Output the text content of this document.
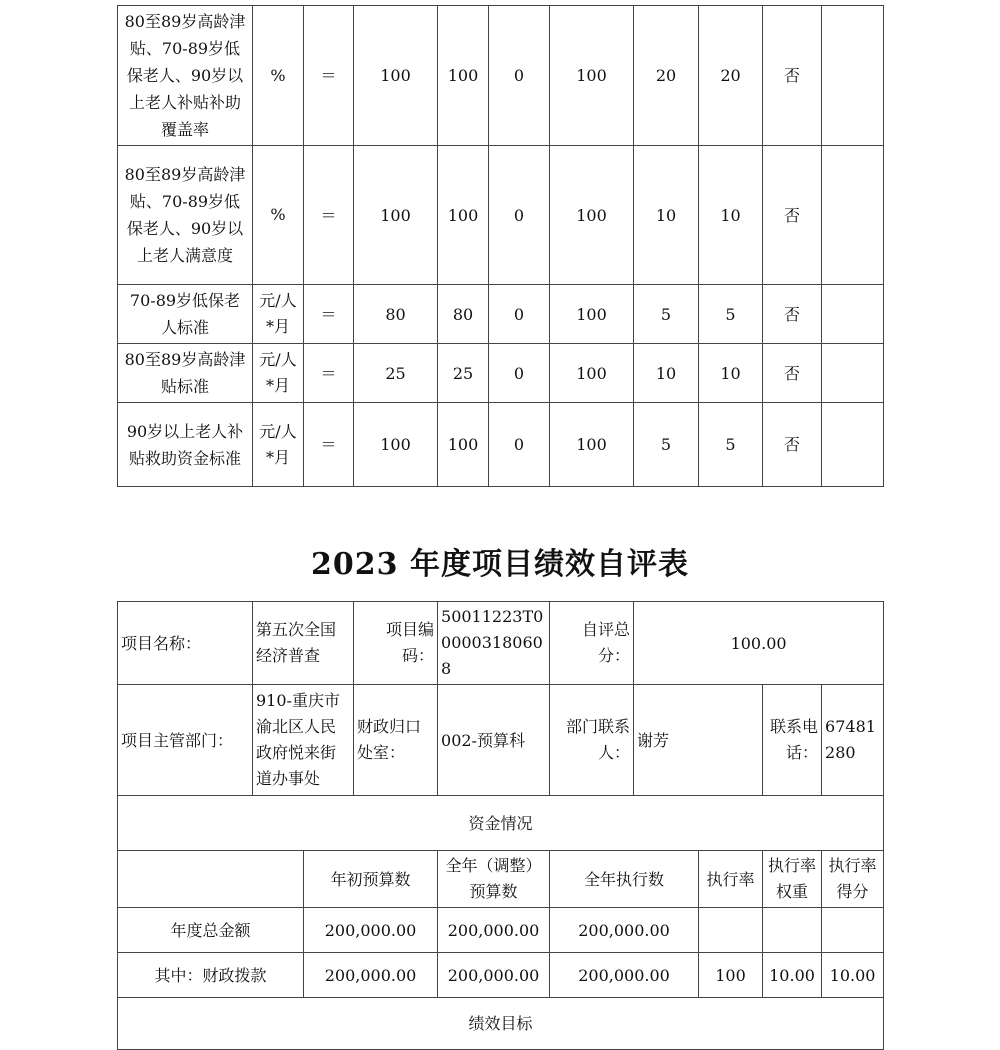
80至89岁高龄津贴、70-89岁低保老人、90岁以上老人补贴补助覆盖率	%	＝	100	100	0	100	20	20	否	
80至89岁高龄津贴、70-89岁低保老人、90岁以上老人满意度	%	＝	100	100	0	100	10	10	否	
70-89岁低保老人标准	元/人*月	＝	80	80	0	100	5	5	否	
80至89岁高龄津贴标准	元/人*月	＝	25	25	0	100	10	10	否	
90岁以上老人补贴救助资金标准	元/人*月	＝	100	100	0	100	5	5	否	
2023 年度项目绩效自评表
项目名称：	第五次全国经济普查		项目编码：	50011223T000003180608	自评总分：	100.00			
项目主管部门：	910-重庆市渝北区人民政府悦来街道办事处		财政归口处室：	002-预算科	部门联系人：	谢芳		联系电话：	67481280
资金情况									
		年初预算数		全年（调整）预算数	全年执行数		执行率	执行率权重	执行率得分
年度总金额		200,000.00		200,000.00	200,000.00				
其中：财政拨款		200,000.00		200,000.00	200,000.00		100	10.00	10.00
绩效目标									
